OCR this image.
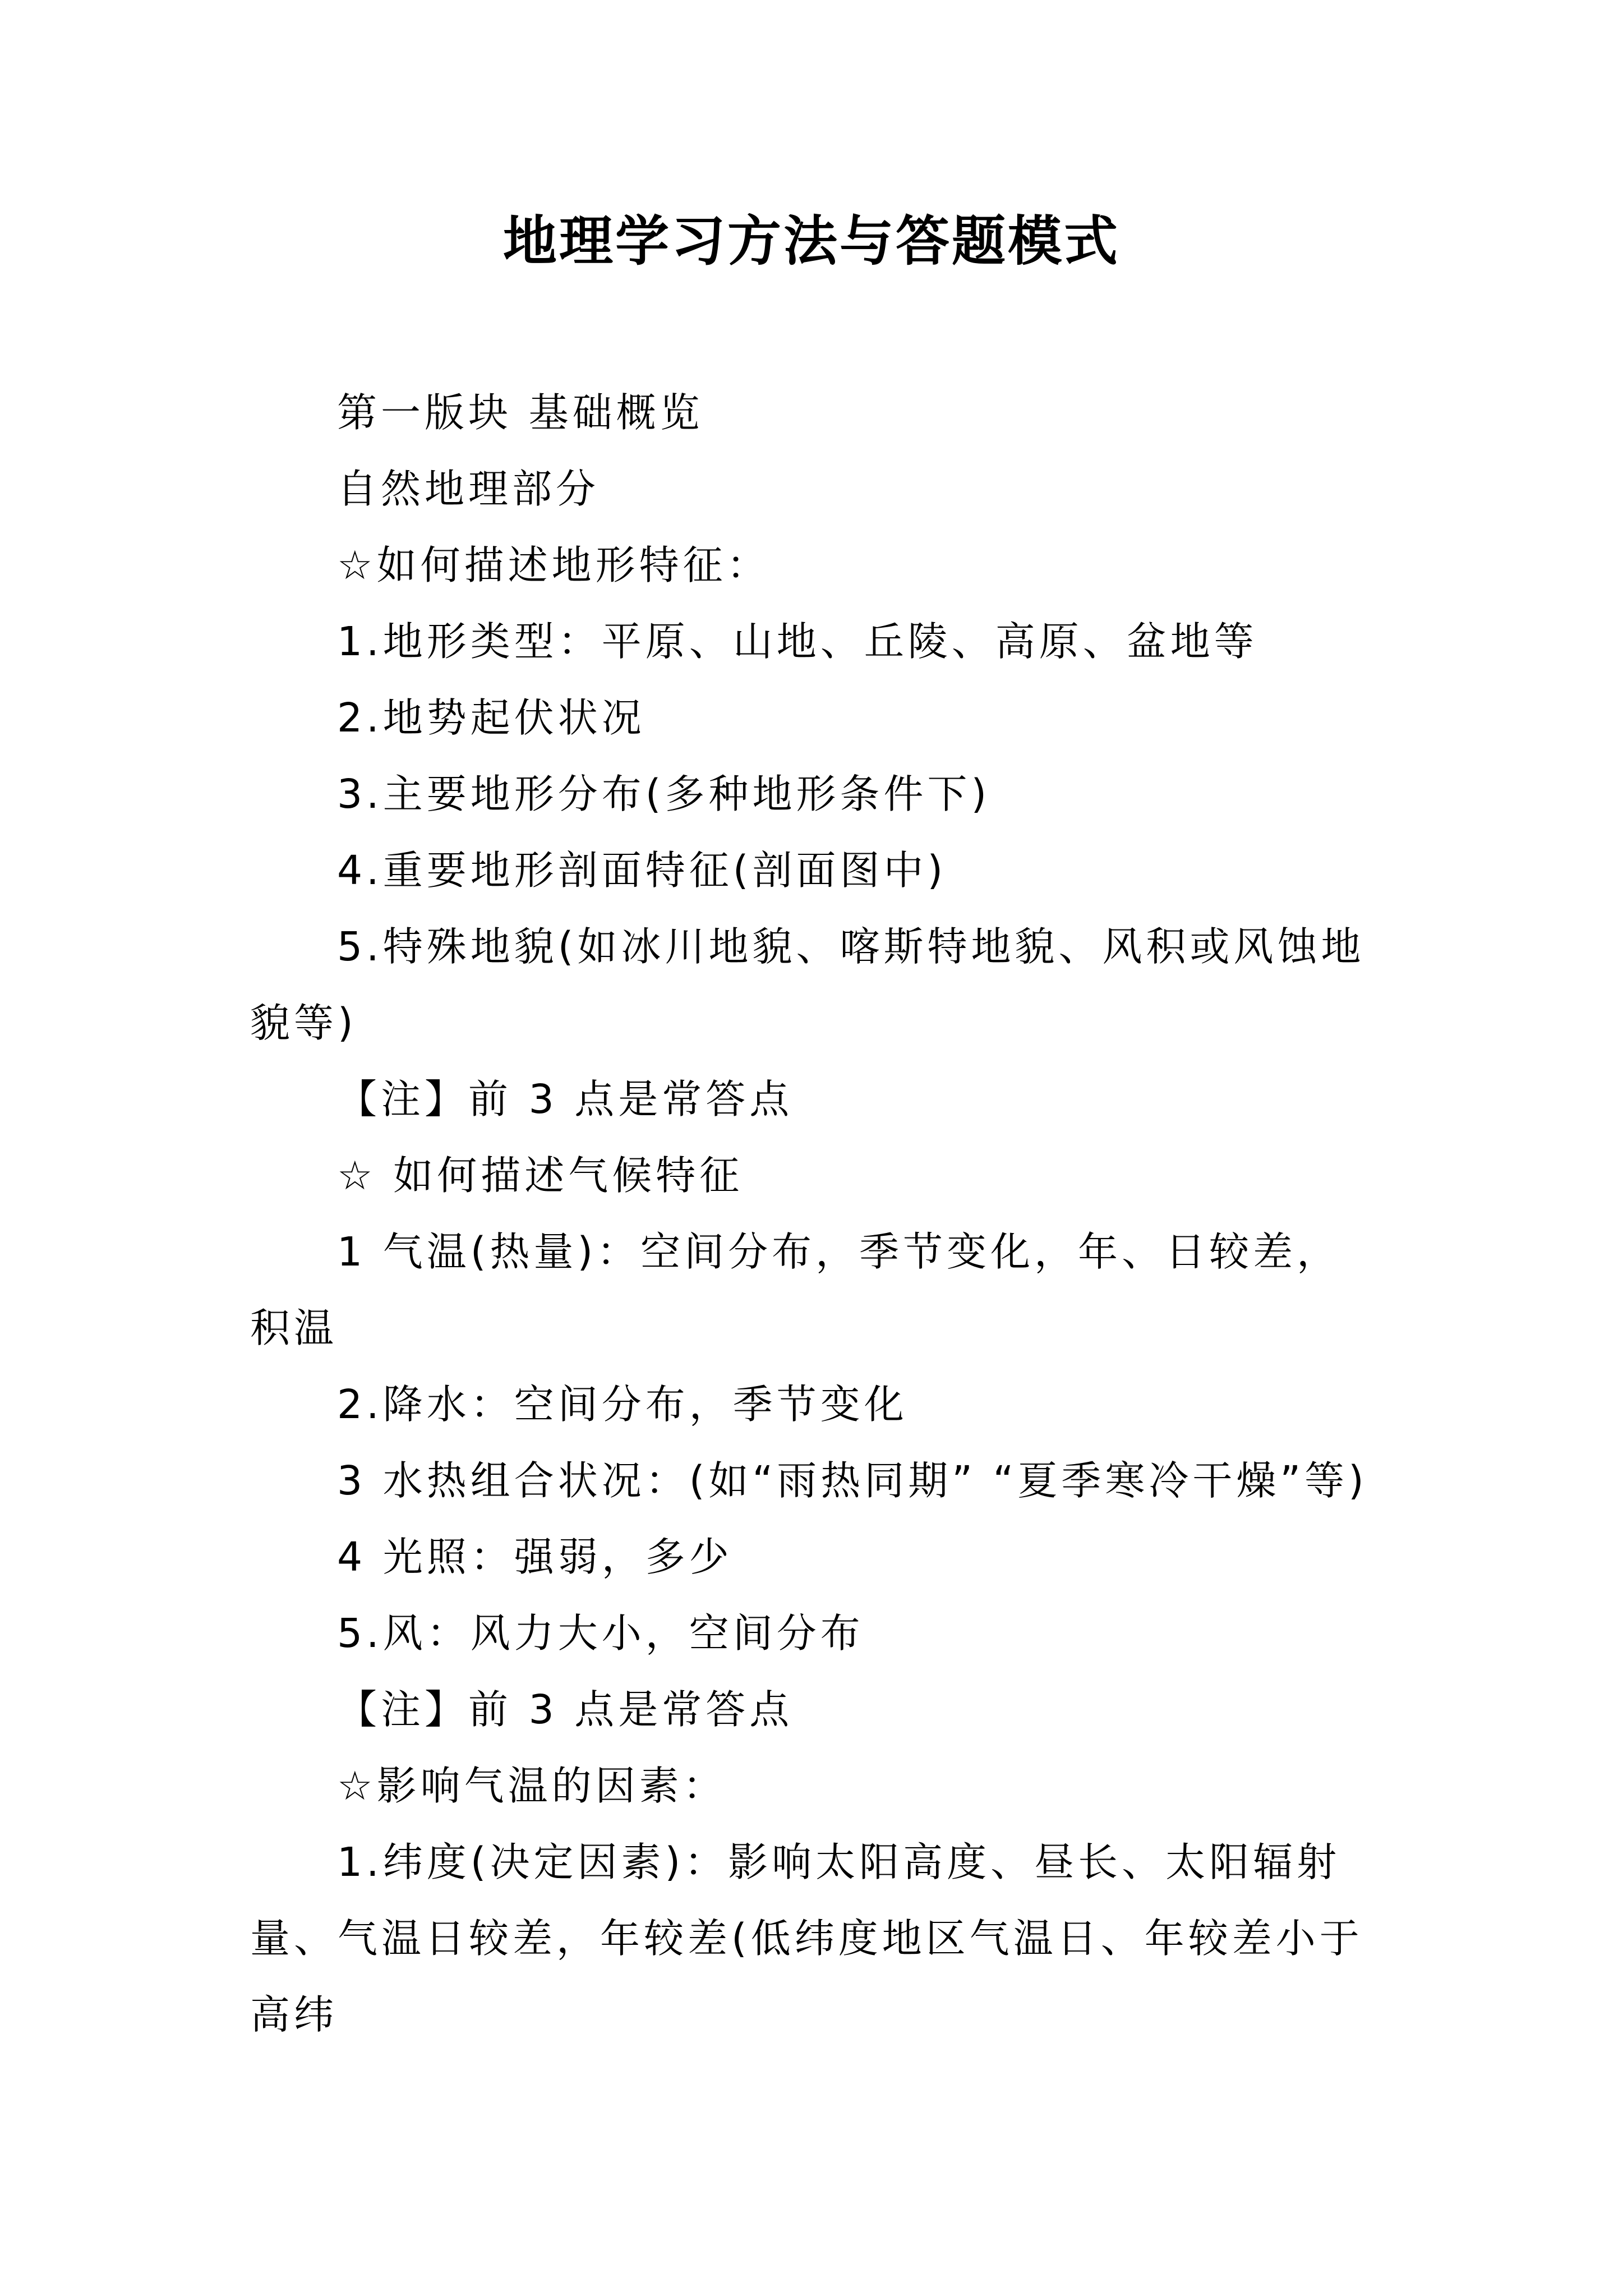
地理学习方法与答题模式

第一版块 基础概览

自然地理部分

☆如何描述地形特征：

1.地形类型：平原、山地、丘陵、高原、盆地等

2.地势起伏状况

3.主要地形分布(多种地形条件下)

4.重要地形剖面特征(剖面图中)

5.特殊地貌(如冰川地貌、喀斯特地貌、风积或风蚀地貌等)

【注】前 3 点是常答点

☆ 如何描述气候特征

1 气温(热量)：空间分布，季节变化，年、日较差，积温

2.降水：空间分布，季节变化

3 水热组合状况：(如“雨热同期” “夏季寒冷干燥”等)

4 光照：强弱，多少

5.风：风力大小，空间分布

【注】前 3 点是常答点

☆影响气温的因素：

1.纬度(决定因素)：影响太阳高度、昼长、太阳辐射量、气温日较差，年较差(低纬度地区气温日、年较差小于高纬
